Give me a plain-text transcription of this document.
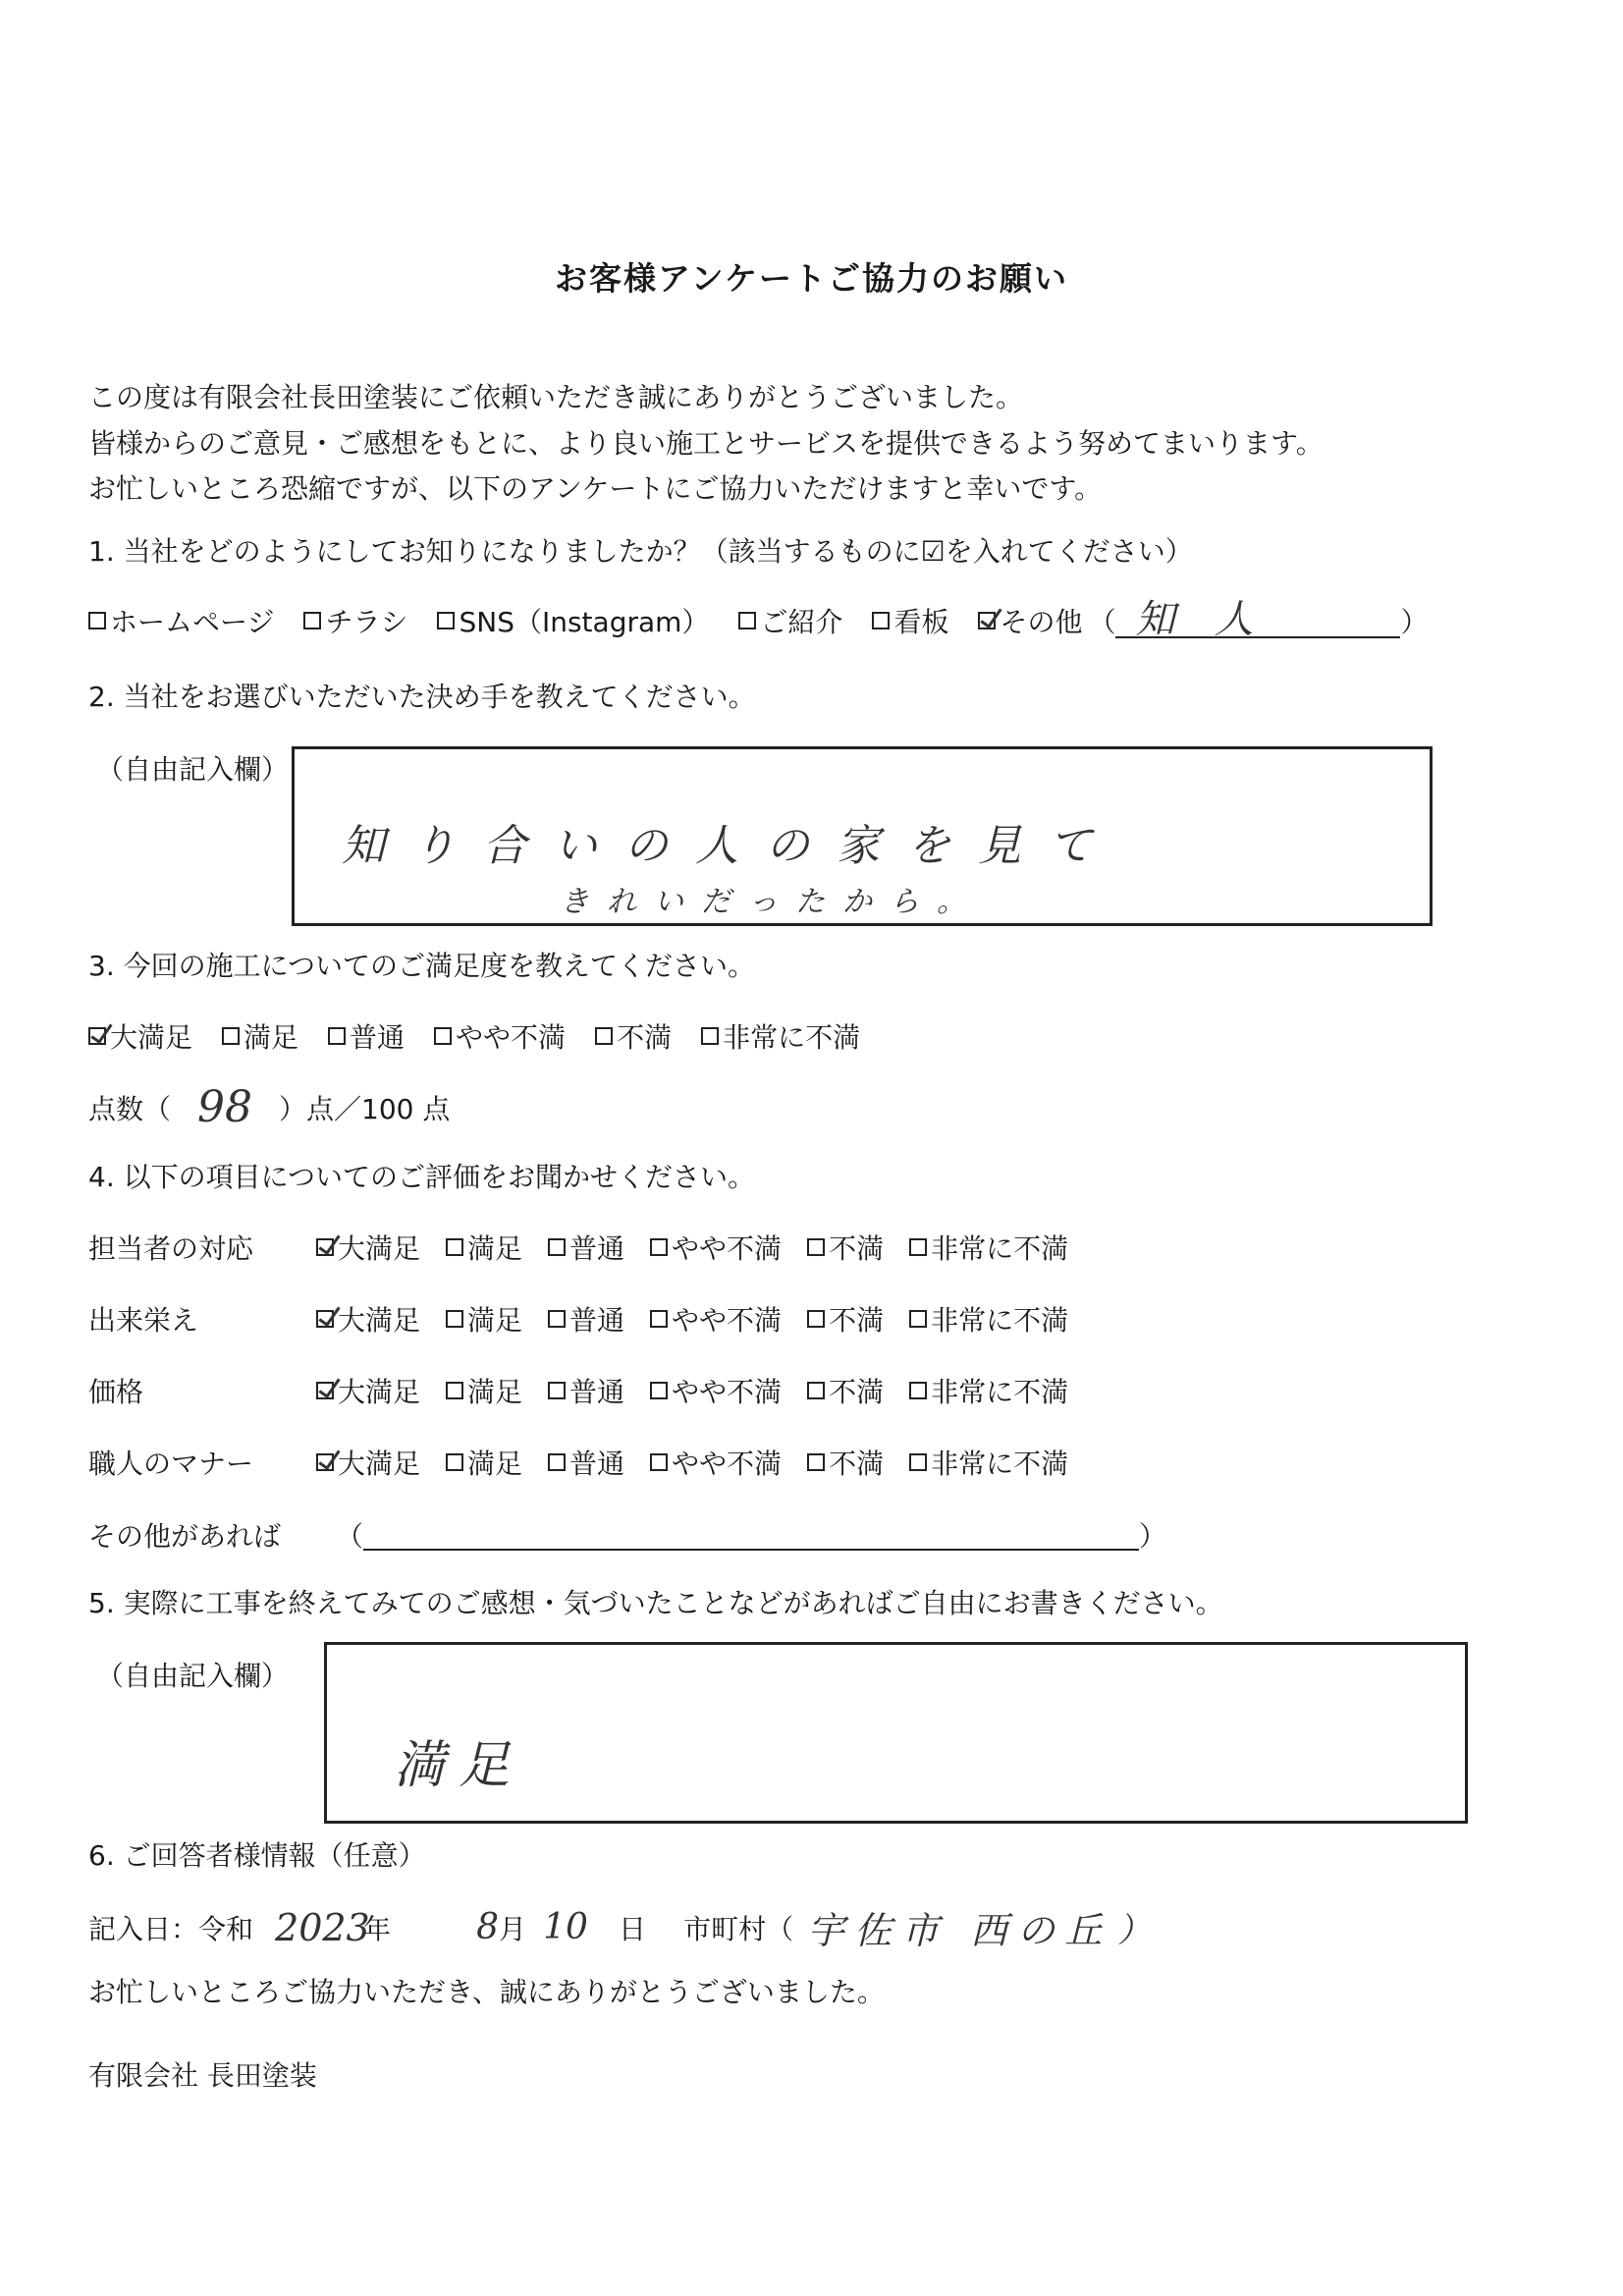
お客様アンケートご協力のお願い
この度は有限会社長田塗装にご依頼いただき誠にありがとうございました。
皆様からのご意見・ご感想をもとに、より良い施工とサービスを提供できるよう努めてまいります。
お忙しいところ恐縮ですが、以下のアンケートにご協力いただけますと幸いです。
1. 当社をどのようにしてお知りになりましたか？（該当するものに☑を入れてください）
ホームページ チラシ SNS（Instagram） ご紹介 看板 その他 （ 知人	）
2. 当社をお選びいただいた決め手を教えてください。
（自由記入欄）
知り合いの人の家を見て
きれいだったから。
3. 今回の施工についてのご満足度を教えてください。
大満足 満足 普通 やや不満 不満 非常に不満
点数（ 98 ）点／100 点
4. 以下の項目についてのご評価をお聞かせください。
担当者の対応	大満足 満足 普通 やや不満 不満 非常に不満
出来栄え	大満足 満足 普通 やや不満 不満 非常に不満
価格	大満足 満足 普通 やや不満 不満 非常に不満
職人のマナー	大満足 満足 普通 やや不満 不満 非常に不満
その他があれば	（	）
5. 実際に工事を終えてみてのご感想・気づいたことなどがあればご自由にお書きください。
（自由記入欄）
満足
6. ご回答者様情報（任意）
記入日：令和 2023
年	8 月 10	日 市町村（ 宇佐市 西の丘 ）
お忙しいところご協力いただき、誠にありがとうございました。
有限会社 長田塗装
